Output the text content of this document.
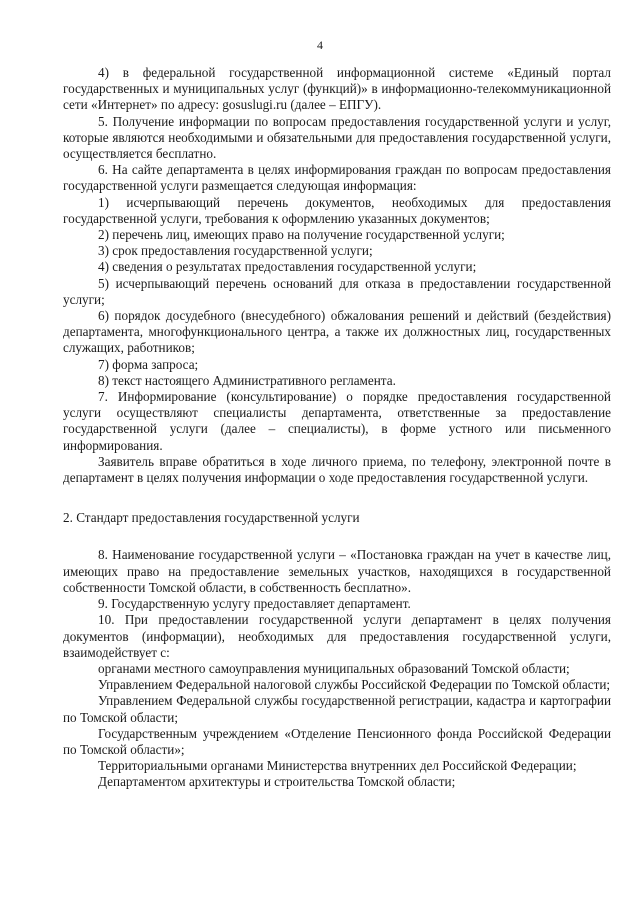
4

4) в федеральной государственной информационной системе «Единый портал государственных и муниципальных услуг (функций)» в информационно-телекоммуникационной сети «Интернет» по адресу: gosuslugi.ru (далее – ЕПГУ).

5. Получение информации по вопросам предоставления государственной услуги и услуг, которые являются необходимыми и обязательными для предоставления государственной услуги, осуществляется бесплатно.

6. На сайте департамента в целях информирования граждан по вопросам предоставления государственной услуги размещается следующая информация:

1) исчерпывающий перечень документов, необходимых для предоставления государственной услуги, требования к оформлению указанных документов;

2) перечень лиц, имеющих право на получение государственной услуги;

3) срок предоставления государственной услуги;

4) сведения о результатах предоставления государственной услуги;

5) исчерпывающий перечень оснований для отказа в предоставлении государственной услуги;

6) порядок досудебного (внесудебного) обжалования решений и действий (бездействия) департамента, многофункционального центра, а также их должностных лиц, государственных служащих, работников;

7) форма запроса;

8) текст настоящего Административного регламента.

7. Информирование (консультирование) о порядке предоставления государственной услуги осуществляют специалисты департамента, ответственные за предоставление государственной услуги (далее – специалисты), в форме устного или письменного информирования.

Заявитель вправе обратиться в ходе личного приема, по телефону, электронной почте в департамент в целях получения информации о ходе предоставления государственной услуги.

2. Стандарт предоставления государственной услуги

8. Наименование государственной услуги – «Постановка граждан на учет в качестве лиц, имеющих право на предоставление земельных участков, находящихся в государственной собственности Томской области, в собственность бесплатно».

9. Государственную услугу предоставляет департамент.

10. При предоставлении государственной услуги департамент в целях получения документов (информации), необходимых для предоставления государственной услуги, взаимодействует с:

органами местного самоуправления муниципальных образований Томской области;

Управлением Федеральной налоговой службы Российской Федерации по Томской области;

Управлением Федеральной службы государственной регистрации, кадастра и картографии по Томской области;

Государственным учреждением «Отделение Пенсионного фонда Российской Федерации по Томской области»;

Территориальными органами Министерства внутренних дел Российской Федерации;

Департаментом архитектуры и строительства Томской области;
